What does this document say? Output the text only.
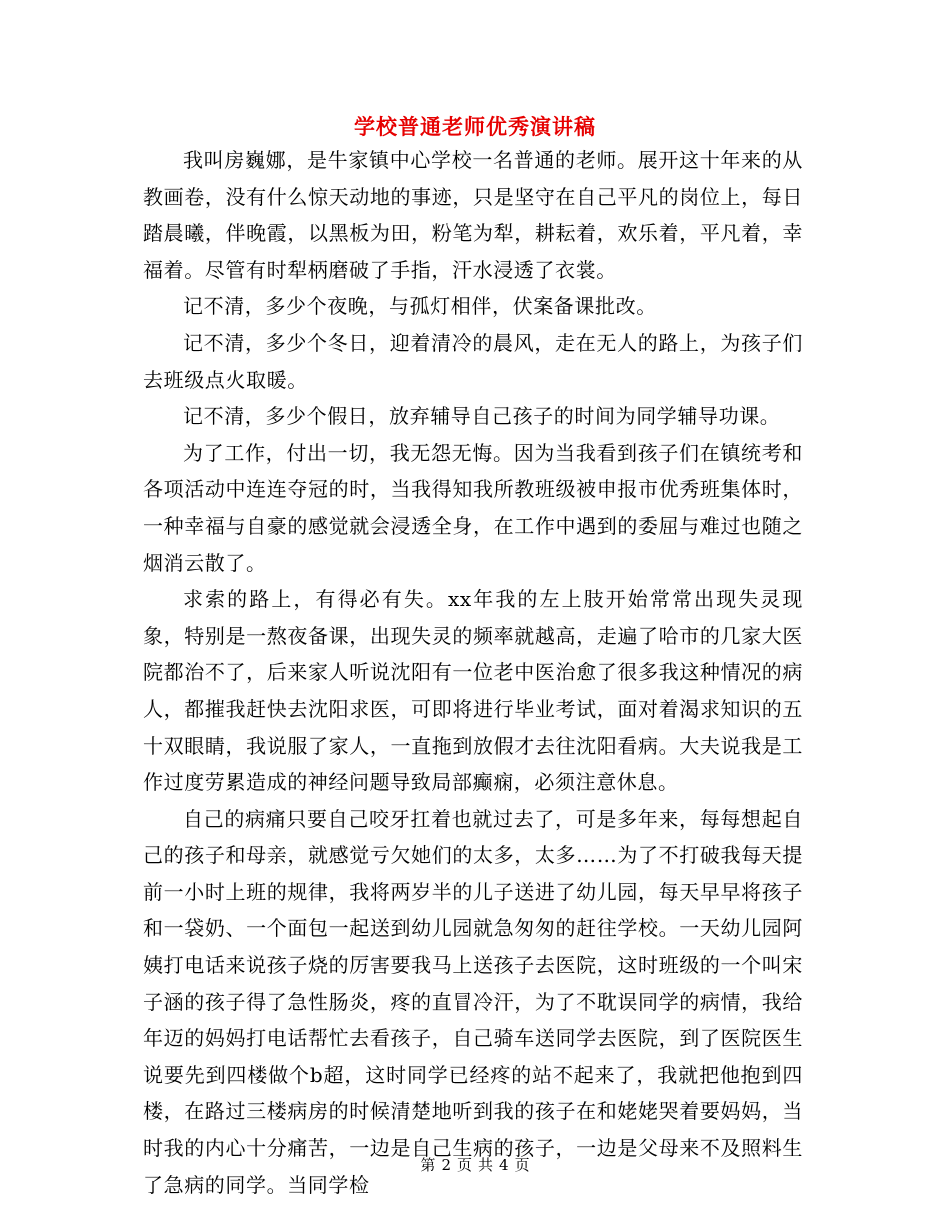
学校普通老师优秀演讲稿

我叫房巍娜，是牛家镇中心学校一名普通的老师。展开这十年来的从教画卷，没有什么惊天动地的事迹，只是坚守在自己平凡的岗位上，每日踏晨曦，伴晚霞，以黑板为田，粉笔为犁，耕耘着，欢乐着，平凡着，幸福着。尽管有时犁柄磨破了手指，汗水浸透了衣裳。

记不清，多少个夜晚，与孤灯相伴，伏案备课批改。

记不清，多少个冬日，迎着清冷的晨风，走在无人的路上，为孩子们去班级点火取暖。

记不清，多少个假日，放弃辅导自己孩子的时间为同学辅导功课。

为了工作，付出一切，我无怨无悔。因为当我看到孩子们在镇统考和各项活动中连连夺冠的时，当我得知我所教班级被申报市优秀班集体时，一种幸福与自豪的感觉就会浸透全身，在工作中遇到的委屈与难过也随之烟消云散了。

求索的路上，有得必有失。xx年我的左上肢开始常常出现失灵现象，特别是一熬夜备课，出现失灵的频率就越高，走遍了哈市的几家大医院都治不了，后来家人听说沈阳有一位老中医治愈了很多我这种情况的病人，都摧我赶快去沈阳求医，可即将进行毕业考试，面对着渴求知识的五十双眼睛，我说服了家人，一直拖到放假才去往沈阳看病。大夫说我是工作过度劳累造成的神经问题导致局部癫痫，必须注意休息。

自己的病痛只要自己咬牙扛着也就过去了，可是多年来，每每想起自己的孩子和母亲，就感觉亏欠她们的太多，太多……为了不打破我每天提前一小时上班的规律，我将两岁半的儿子送进了幼儿园，每天早早将孩子和一袋奶、一个面包一起送到幼儿园就急匆匆的赶往学校。一天幼儿园阿姨打电话来说孩子烧的厉害要我马上送孩子去医院，这时班级的一个叫宋子涵的孩子得了急性肠炎，疼的直冒冷汗，为了不耽误同学的病情，我给年迈的妈妈打电话帮忙去看孩子，自己骑车送同学去医院，到了医院医生说要先到四楼做个b超，这时同学已经疼的站不起来了，我就把他抱到四楼，在路过三楼病房的时候清楚地听到我的孩子在和姥姥哭着要妈妈，当时我的内心十分痛苦，一边是自己生病的孩子，一边是父母来不及照料生了急病的同学。当同学检

第 2 页 共 4 页
